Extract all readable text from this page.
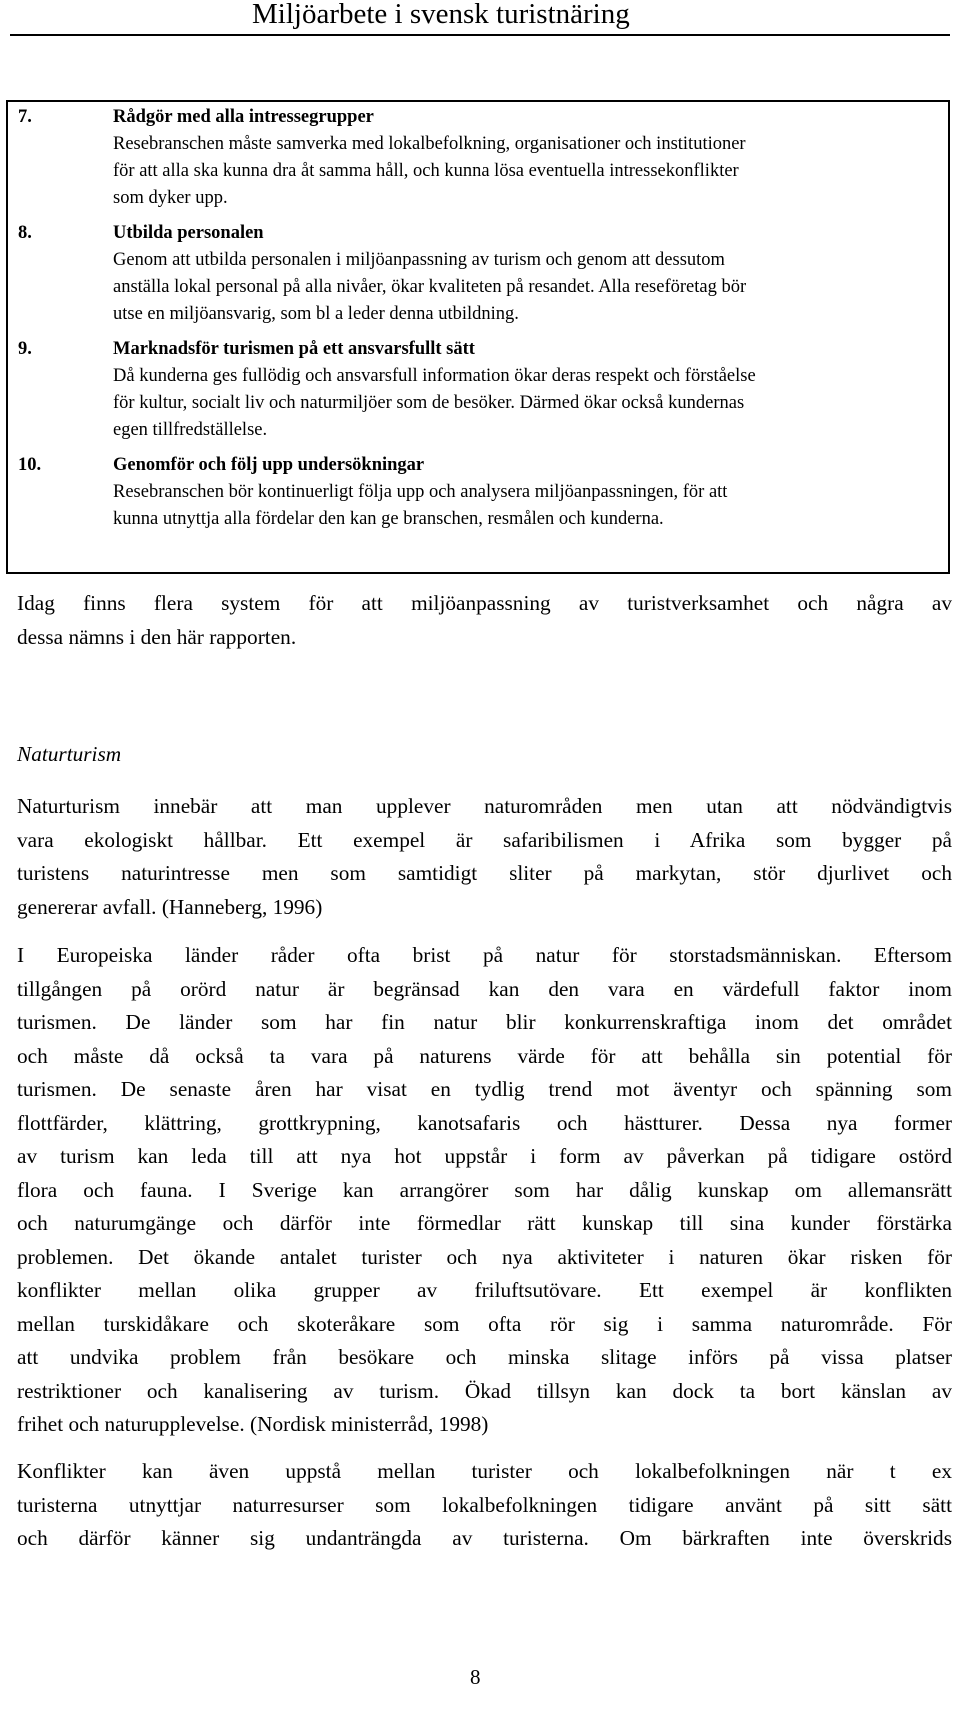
Miljöarbete i svensk turistnäring
7.	Rådgör med alla intressegrupper
Resebranschen måste samverka med lokalbefolkning, organisationer och institutioner
för att alla ska kunna dra åt samma håll, och kunna lösa eventuella intressekonflikter
som dyker upp.
8.	Utbilda personalen
Genom att utbilda personalen i miljöanpassning av turism och genom att dessutom
anställa lokal personal på alla nivåer, ökar kvaliteten på resandet. Alla reseföretag bör
utse en miljöansvarig, som bl a leder denna utbildning.
9.	Marknadsför turismen på ett ansvarsfullt sätt
Då kunderna ges fullödig och ansvarsfull information ökar deras respekt och förståelse
för kultur, socialt liv och naturmiljöer som de besöker. Därmed ökar också kundernas
egen tillfredställelse.
10.	Genomför och följ upp undersökningar
Resebranschen bör kontinuerligt följa upp och analysera miljöanpassningen, för att
kunna utnyttja alla fördelar den kan ge branschen, resmålen och kunderna.
Idag finns flera system för att miljöanpassning av turistverksamhet och några av
dessa nämns i den här rapporten.
Naturturism
Naturturism innebär att man upplever naturområden men utan att nödvändigtvis
vara ekologiskt hållbar. Ett exempel är safaribilismen i Afrika som bygger på
turistens naturintresse men som samtidigt sliter på markytan, stör djurlivet och
genererar avfall. (Hanneberg, 1996)
I Europeiska länder råder ofta brist på natur för storstadsmänniskan. Eftersom
tillgången på orörd natur är begränsad kan den vara en värdefull faktor inom
turismen. De länder som har fin natur blir konkurrenskraftiga inom det området
och måste då också ta vara på naturens värde för att behålla sin potential för
turismen. De senaste åren har visat en tydlig trend mot äventyr och spänning som
flottfärder, klättring, grottkrypning, kanotsafaris och hästturer. Dessa nya former
av turism kan leda till att nya hot uppstår i form av påverkan på tidigare ostörd
flora och fauna. I Sverige kan arrangörer som har dålig kunskap om allemansrätt
och naturumgänge och därför inte förmedlar rätt kunskap till sina kunder förstärka
problemen. Det ökande antalet turister och nya aktiviteter i naturen ökar risken för
konflikter mellan olika grupper av friluftsutövare. Ett exempel är konflikten
mellan turskidåkare och skoteråkare som ofta rör sig i samma naturområde. För
att undvika problem från besökare och minska slitage införs på vissa platser
restriktioner och kanalisering av turism. Ökad tillsyn kan dock ta bort känslan av
frihet och naturupplevelse. (Nordisk ministerråd, 1998)
Konflikter kan även uppstå mellan turister och lokalbefolkningen när t ex
turisterna utnyttjar naturresurser som lokalbefolkningen tidigare använt på sitt sätt
och därför känner sig undanträngda av turisterna. Om bärkraften inte överskrids
8
